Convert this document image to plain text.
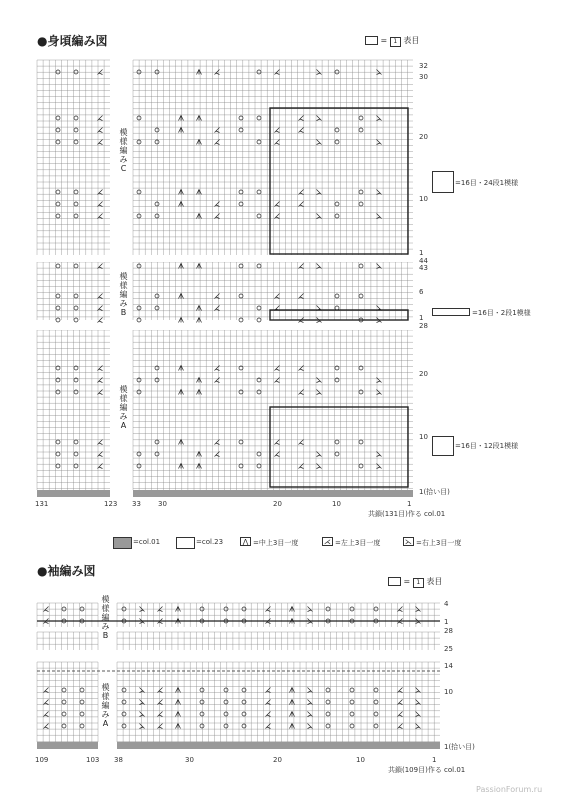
●身頃編み図	= 1 表目
模様編みC
模様編みB
模様編みA
32
30
20
10
1
44
43
6
1
28
20
10
1(拾い目)
131	123 33 30	20	10	1
共鎖(131目)作る col.01
=16目・24段1模様
=16目・2段1模様
=16目・12段1模様
=col.01	=col.23	⋀ =中上3目一度	⋌ =左上3目一度	⋋ =右上3目一度
●袖編み図
= 1 表目
模様編みB
模様編みA
4
1
28
25
14
10
1(拾い目)
109	103 38	30	20	10	1
共鎖(109目)作る col.01
PassionForum.ru
